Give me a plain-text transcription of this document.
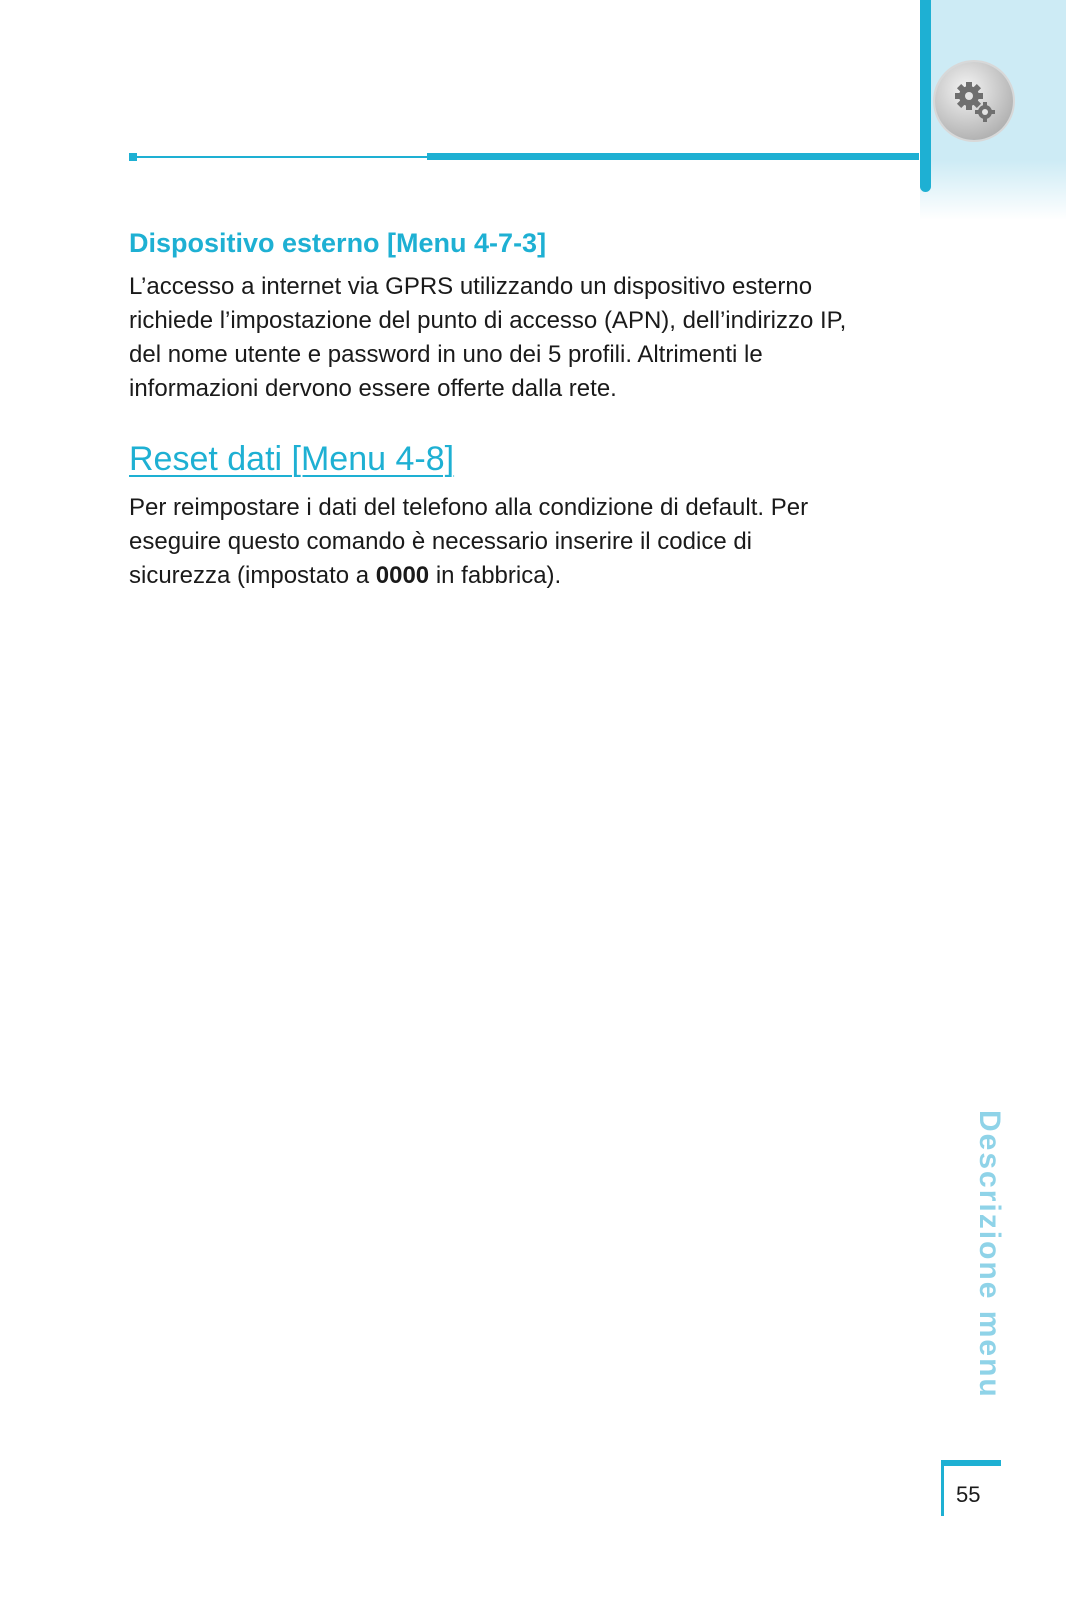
Dispositivo esterno [Menu 4-7-3]

L’accesso a internet via GPRS utilizzando un dispositivo esterno
richiede l’impostazione del punto di accesso (APN), dell’indirizzo IP,
del nome utente e password in uno dei 5 profili. Altrimenti le
informazioni dervono essere offerte dalla rete.

Reset dati [Menu 4-8]

Per reimpostare i dati del telefono alla condizione di default. Per
eseguire questo comando è necessario inserire il codice di
sicurezza (impostato a 0000 in fabbrica).

Descrizione menu
55
